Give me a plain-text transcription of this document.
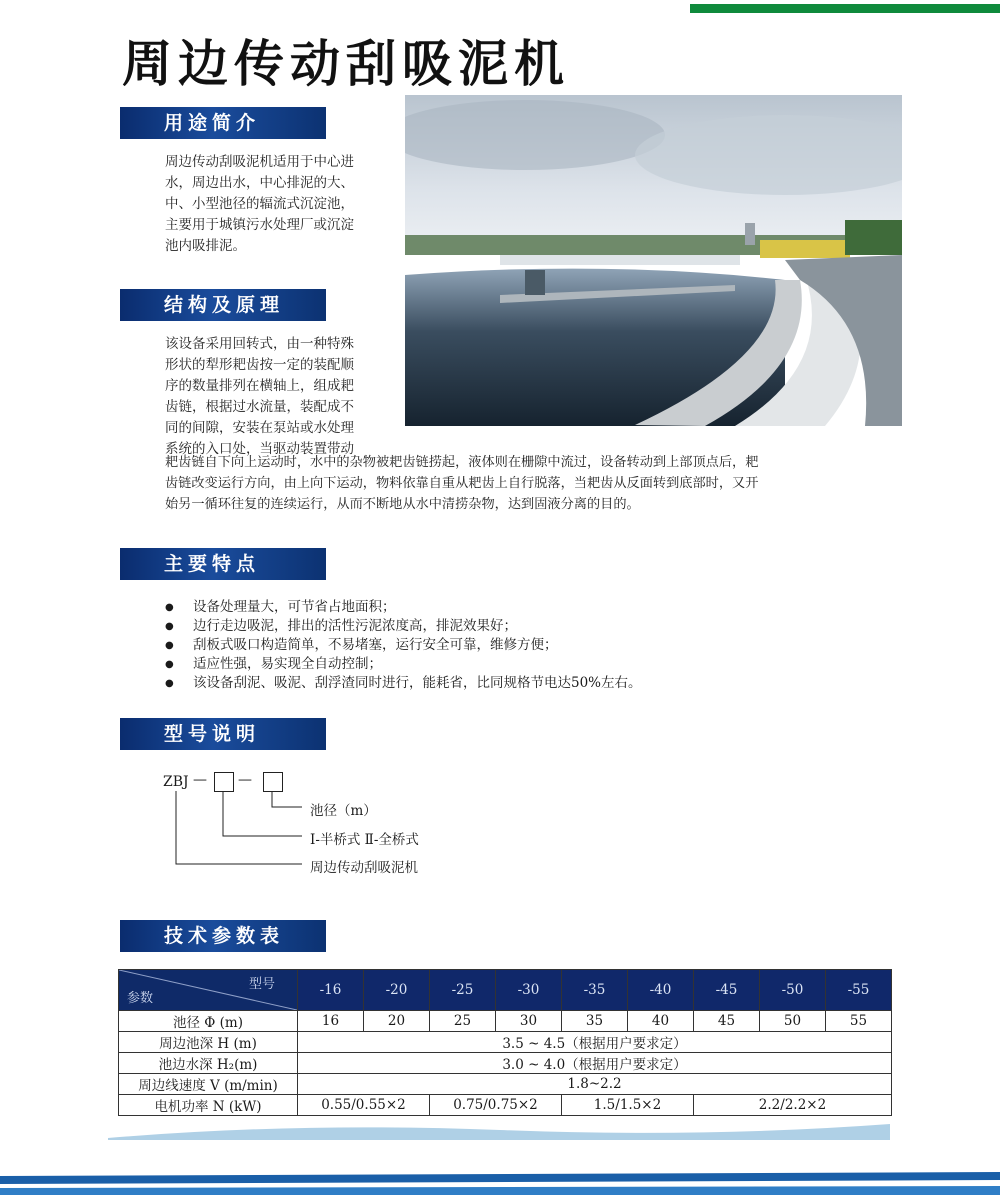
周边传动刮吸泥机
用途简介
周边传动刮吸泥机适用于中心进
水，周边出水，中心排泥的大、
中、小型池径的辐流式沉淀池，
主要用于城镇污水处理厂或沉淀
池内吸排泥。
结构及原理
该设备采用回转式，由一种特殊
形状的犁形耙齿按一定的装配顺
序的数量排列在横轴上，组成耙
齿链，根据过水流量，装配成不
同的间隙，安装在泵站或水处理
系统的入口处，当驱动装置带动
耙齿链自下向上运动时，水中的杂物被耙齿链捞起，液体则在栅隙中流过，设备转动到上部顶点后，耙
齿链改变运行方向，由上向下运动，物料依靠自重从耙齿上自行脱落，当耙齿从反面转到底部时，又开
始另一循环往复的连续运行，从而不断地从水中清捞杂物，达到固液分离的目的。
主要特点
● 设备处理量大，可节省占地面积；
● 边行走边吸泥，排出的活性污泥浓度高，排泥效果好；
● 刮板式吸口构造简单，不易堵塞，运行安全可靠，维修方便；
● 适应性强，易实现全自动控制；
● 该设备刮泥、吸泥、刮浮渣同时进行，能耗省，比同规格节电达50%左右。
型号说明
ZBJ — —
池径（m）
I-半桥式 Ⅱ-全桥式
周边传动刮吸泥机
技术参数表
型号
参数	-16	-20	-25	-30	-35	-40	-45	-50	-55
池径 Φ (m)	16	20	25	30	35	40	45	50	55
周边池深 H (m)	3.5 ~ 4.5（根据用户要求定）								
池边水深 H₂(m)	3.0 ~ 4.0（根据用户要求定）								
周边线速度 V (m/min)	1.8~2.2								
电机功率 N (kW)	0.55/0.55×2		0.75/0.75×2		1.5/1.5×2		2.2/2.2×2		
